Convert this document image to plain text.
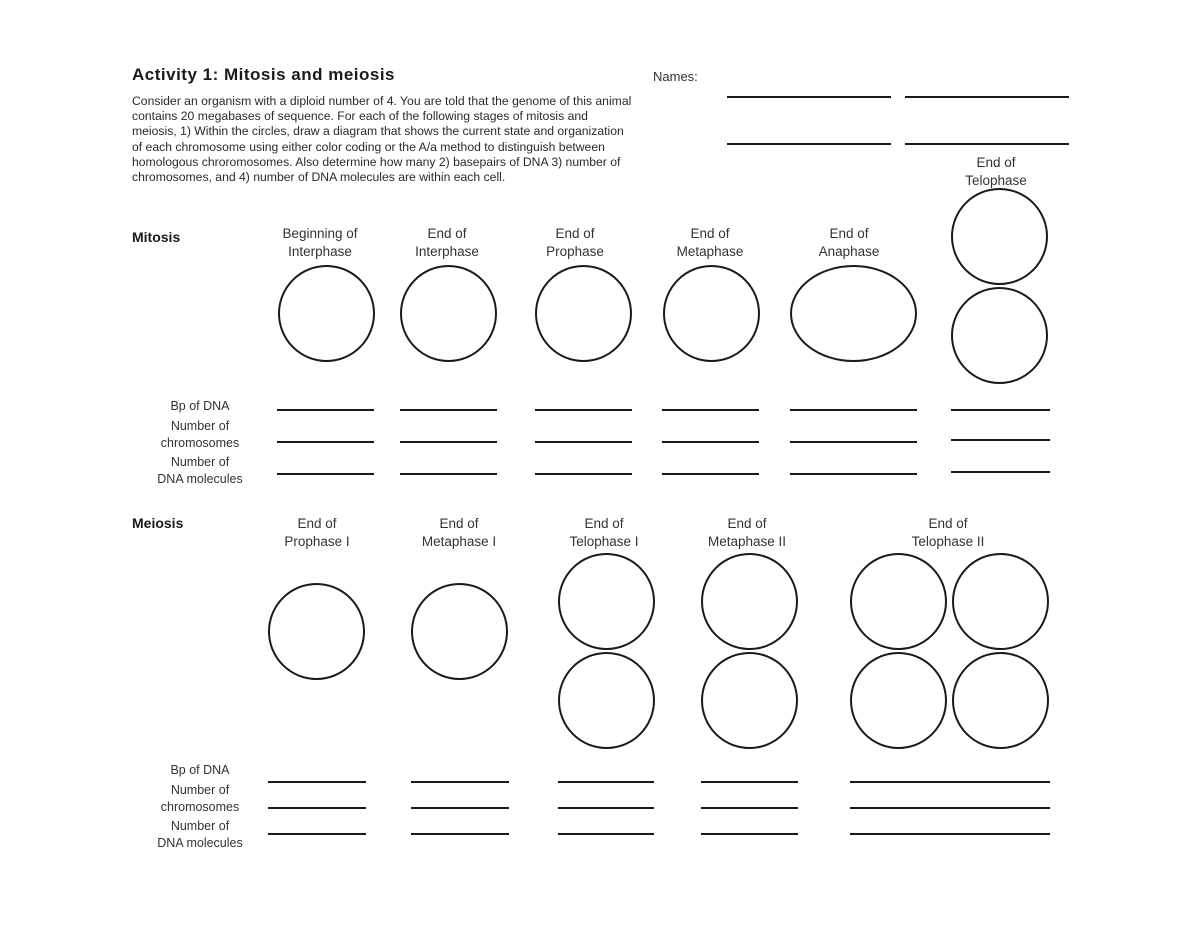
Activity 1: Mitosis and meiosis

Consider an organism with a diploid number of 4. You are told that the genome of this animal contains 20 megabases of sequence. For each of the following stages of mitosis and meiosis, 1) Within the circles, draw a diagram that shows the current state and organization of each chromosome using either color coding or the A/a method to distinguish between homologous chroromosomes. Also determine how many 2) basepairs of DNA 3) number of chromosomes, and 4) number of DNA molecules are within each cell.

Names:
Mitosis	Beginning of
Interphase
End of
Interphase
End of
Prophase
End of
Metaphase
End of
Anaphase
End of
Telophase
Bp of DNA
Number of
chromosomes
Number of
DNA molecules
Meiosis	End of
Prophase I
End of
Metaphase I
End of
Telophase I
End of
Metaphase II
End of
Telophase II
Bp of DNA
Number of
chromosomes
Number of
DNA molecules
